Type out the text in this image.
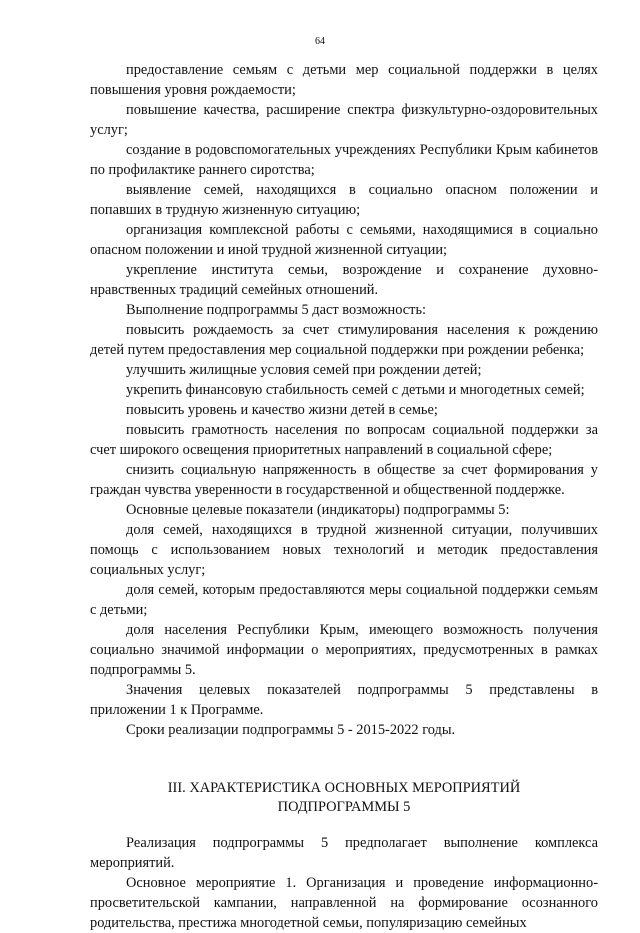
64

предоставление семьям с детьми мер социальной поддержки в целях повышения уровня рождаемости;

повышение качества, расширение спектра физкультурно-оздоровительных услуг;

создание в родовспомогательных учреждениях Республики Крым кабинетов по профилактике раннего сиротства;

выявление семей, находящихся в социально опасном положении и попавших в трудную жизненную ситуацию;

организация комплексной работы с семьями, находящимися в социально опасном положении и иной трудной жизненной ситуации;

укрепление института семьи, возрождение и сохранение духовно-нравственных традиций семейных отношений.

Выполнение подпрограммы 5 даст возможность:

повысить рождаемость за счет стимулирования населения к рождению детей путем предоставления мер социальной поддержки при рождении ребенка;

улучшить жилищные условия семей при рождении детей;

укрепить финансовую стабильность семей с детьми и многодетных семей;

повысить уровень и качество жизни детей в семье;

повысить грамотность населения по вопросам социальной поддержки за счет широкого освещения приоритетных направлений в социальной сфере;

снизить социальную напряженность в обществе за счет формирования у граждан чувства уверенности в государственной и общественной поддержке.

Основные целевые показатели (индикаторы) подпрограммы 5:

доля семей, находящихся в трудной жизненной ситуации, получивших помощь с использованием новых технологий и методик предоставления социальных услуг;

доля семей, которым предоставляются меры социальной поддержки семьям с детьми;

доля населения Республики Крым, имеющего возможность получения социально значимой информации о мероприятиях, предусмотренных в рамках подпрограммы 5.

Значения целевых показателей подпрограммы 5 представлены в приложении 1 к Программе.

Сроки реализации подпрограммы 5 - 2015-2022 годы.

III. ХАРАКТЕРИСТИКА ОСНОВНЫХ МЕРОПРИЯТИЙ

ПОДПРОГРАММЫ 5

Реализация подпрограммы 5 предполагает выполнение комплекса мероприятий.

Основное мероприятие 1. Организация и проведение информационно-просветительской кампании, направленной на формирование осознанного родительства, престижа многодетной семьи, популяризацию семейных
